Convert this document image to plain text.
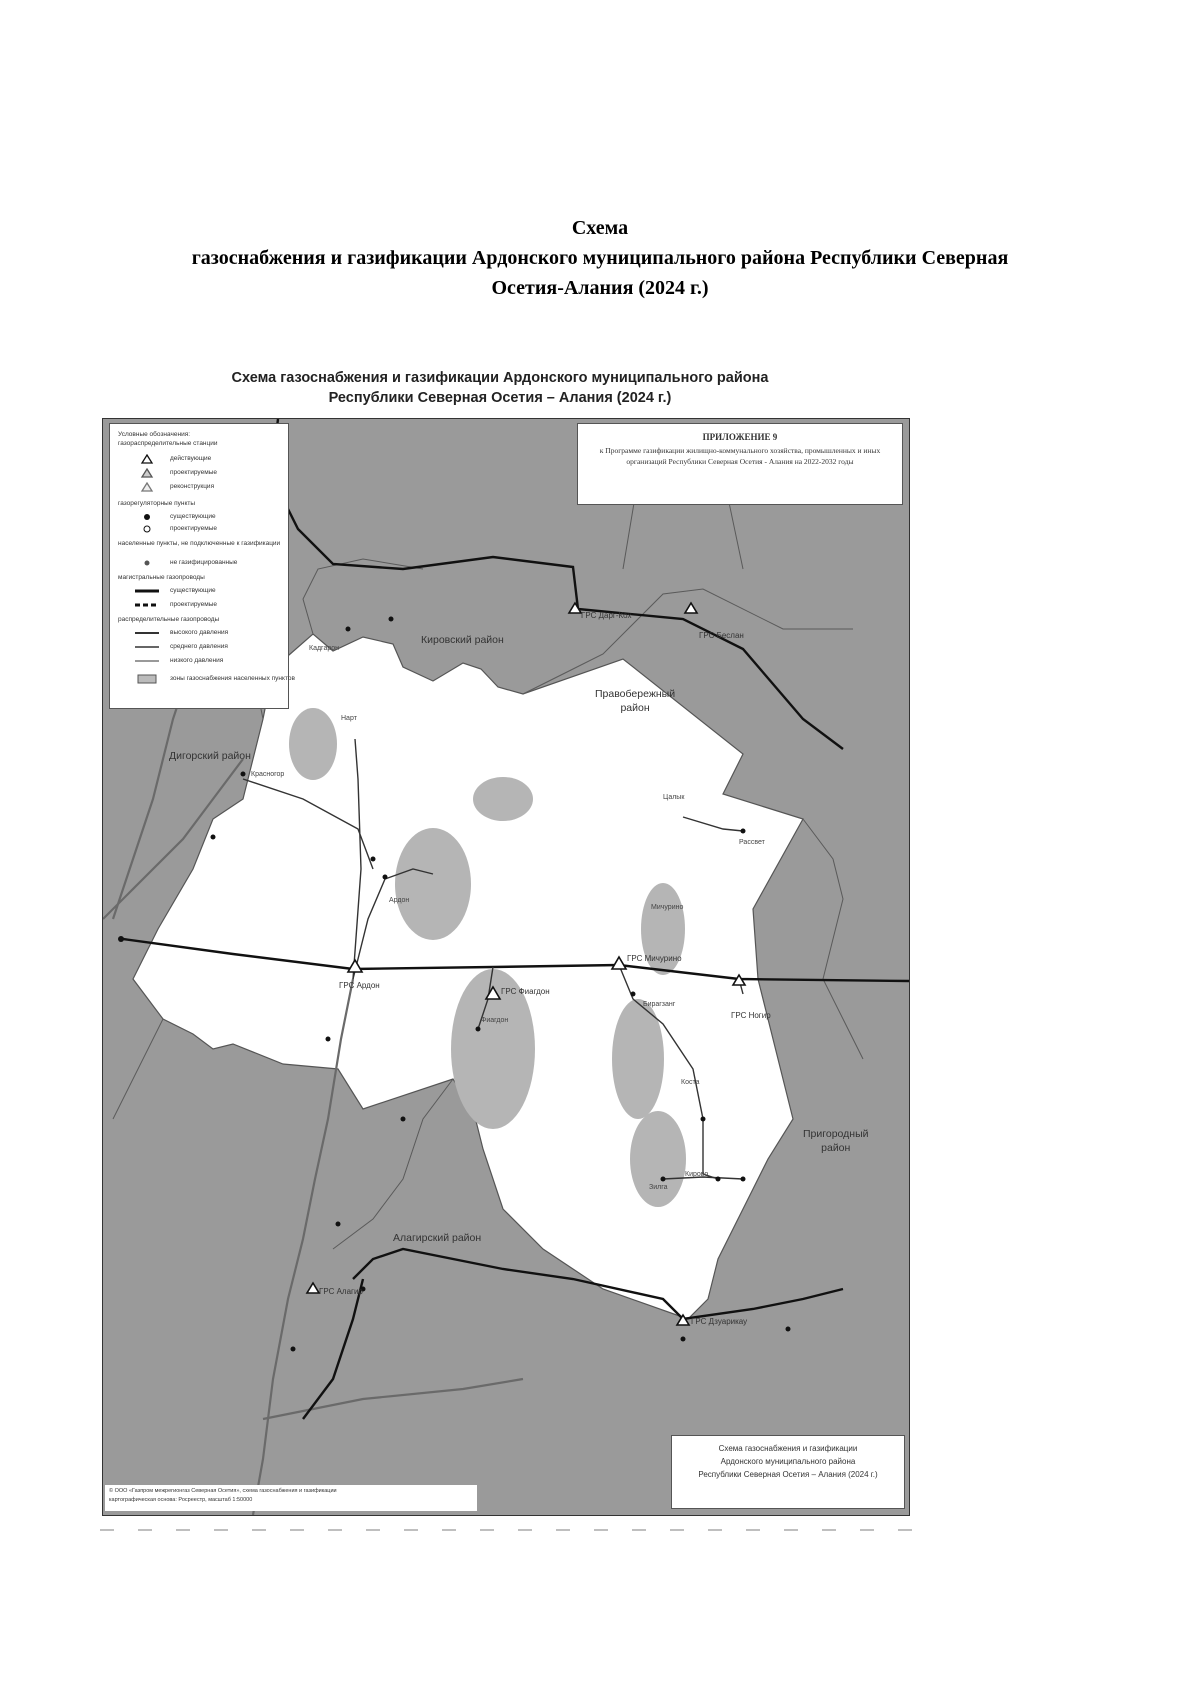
Схема
газоснабжения и газификации Ардонского муниципального района Республики Северная
Осетия-Алания (2024 г.)
Схема газоснабжения и газификации Ардонского муниципального района
Республики Северная Осетия – Алания (2024 г.)
Условные обозначения:
газораспределительные станции
действующие
проектируемые
реконструкция
газорегуляторные пункты
существующие
проектируемые
населенные пункты, не подключенные к газификации
не газифицированные
магистральные газопроводы
существующие
проектируемые
распределительные газопроводы
высокого давления
среднего давления
низкого давления
зоны газоснабжения населенных пунктов
ПРИЛОЖЕНИЕ 9
к Программе газификации жилищно-коммунального хозяйства, промышленных и иных организаций Республики Северная Осетия - Алания на 2022-2032 годы
Кировский район
Дигорский район
Правобережный
район
Пригородный
район
Алагирский район
ГРС Дарг-Кох
ГРС Беслан
ГРС Ардон
ГРС Фиагдон
ГРС Мичурино
ГРС Ногир
ГРС Алагир
ГРС Дзуарикау
Кадгарон
Красногор
Мичурино
Фиагдон
Ардон
Нарт
Цалык
Рассвет
Бирагзанг
Кирово
Зилга
Коста
Схема газоснабжения и газификации
Ардонского муниципального района
Республики Северная Осетия – Алания (2024 г.)
© ООО «Газпром межрегионгаз Северная Осетия», схема газоснабжения и газификации
картографическая основа: Росреестр, масштаб 1:50000
